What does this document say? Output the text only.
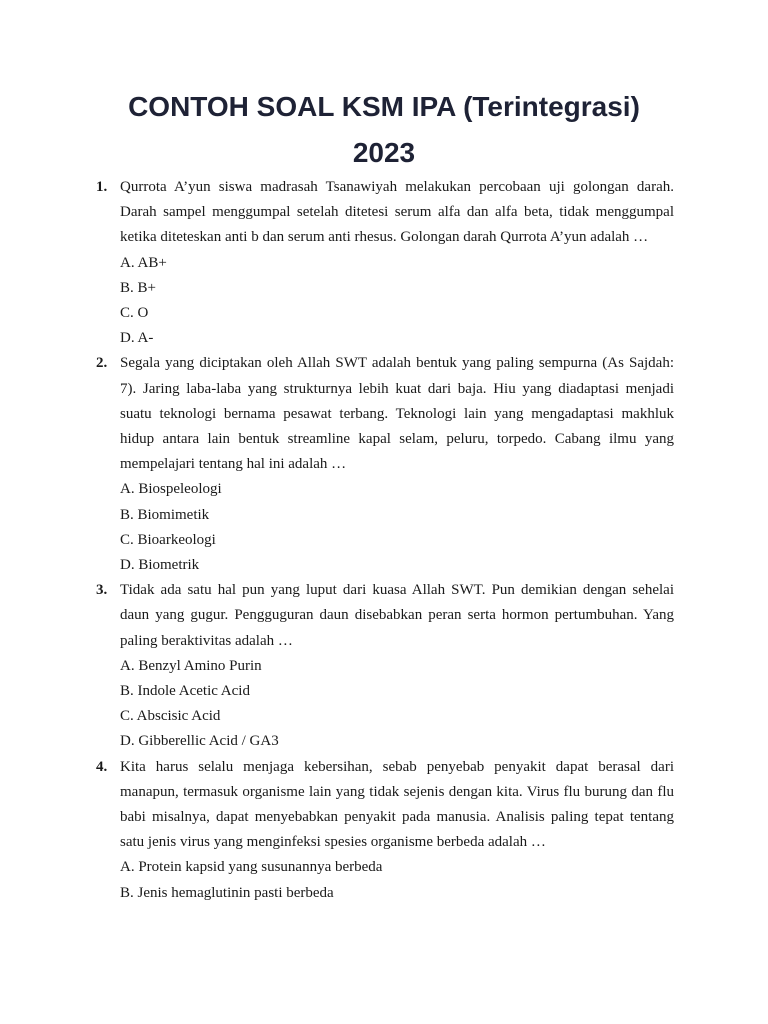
CONTOH SOAL KSM IPA (Terintegrasi)
2023
1. Qurrota A’yun siswa madrasah Tsanawiyah melakukan percobaan uji golongan darah. Darah sampel menggumpal setelah ditetesi serum alfa dan alfa beta, tidak menggumpal ketika diteteskan anti b dan serum anti rhesus. Golongan darah Qurrota A’yun adalah …
A. AB+
B. B+
C. O
D. A-
2. Segala yang diciptakan oleh Allah SWT adalah bentuk yang paling sempurna (As Sajdah: 7). Jaring laba-laba yang strukturnya lebih kuat dari baja. Hiu yang diadaptasi menjadi suatu teknologi bernama pesawat terbang. Teknologi lain yang mengadaptasi makhluk hidup antara lain bentuk streamline kapal selam, peluru, torpedo. Cabang ilmu yang mempelajari tentang hal ini adalah …
A. Biospeleologi
B. Biomimetik
C. Bioarkeologi
D. Biometrik
3. Tidak ada satu hal pun yang luput dari kuasa Allah SWT. Pun demikian dengan sehelai daun yang gugur. Pengguguran daun disebabkan peran serta hormon pertumbuhan. Yang paling beraktivitas adalah …
A. Benzyl Amino Purin
B. Indole Acetic Acid
C. Abscisic Acid
D. Gibberellic Acid / GA3
4. Kita harus selalu menjaga kebersihan, sebab penyebab penyakit dapat berasal dari manapun, termasuk organisme lain yang tidak sejenis dengan kita. Virus flu burung dan flu babi misalnya, dapat menyebabkan penyakit pada manusia. Analisis paling tepat tentang satu jenis virus yang menginfeksi spesies organisme berbeda adalah …
A. Protein kapsid yang susunannya berbeda
B. Jenis hemaglutinin pasti berbeda
